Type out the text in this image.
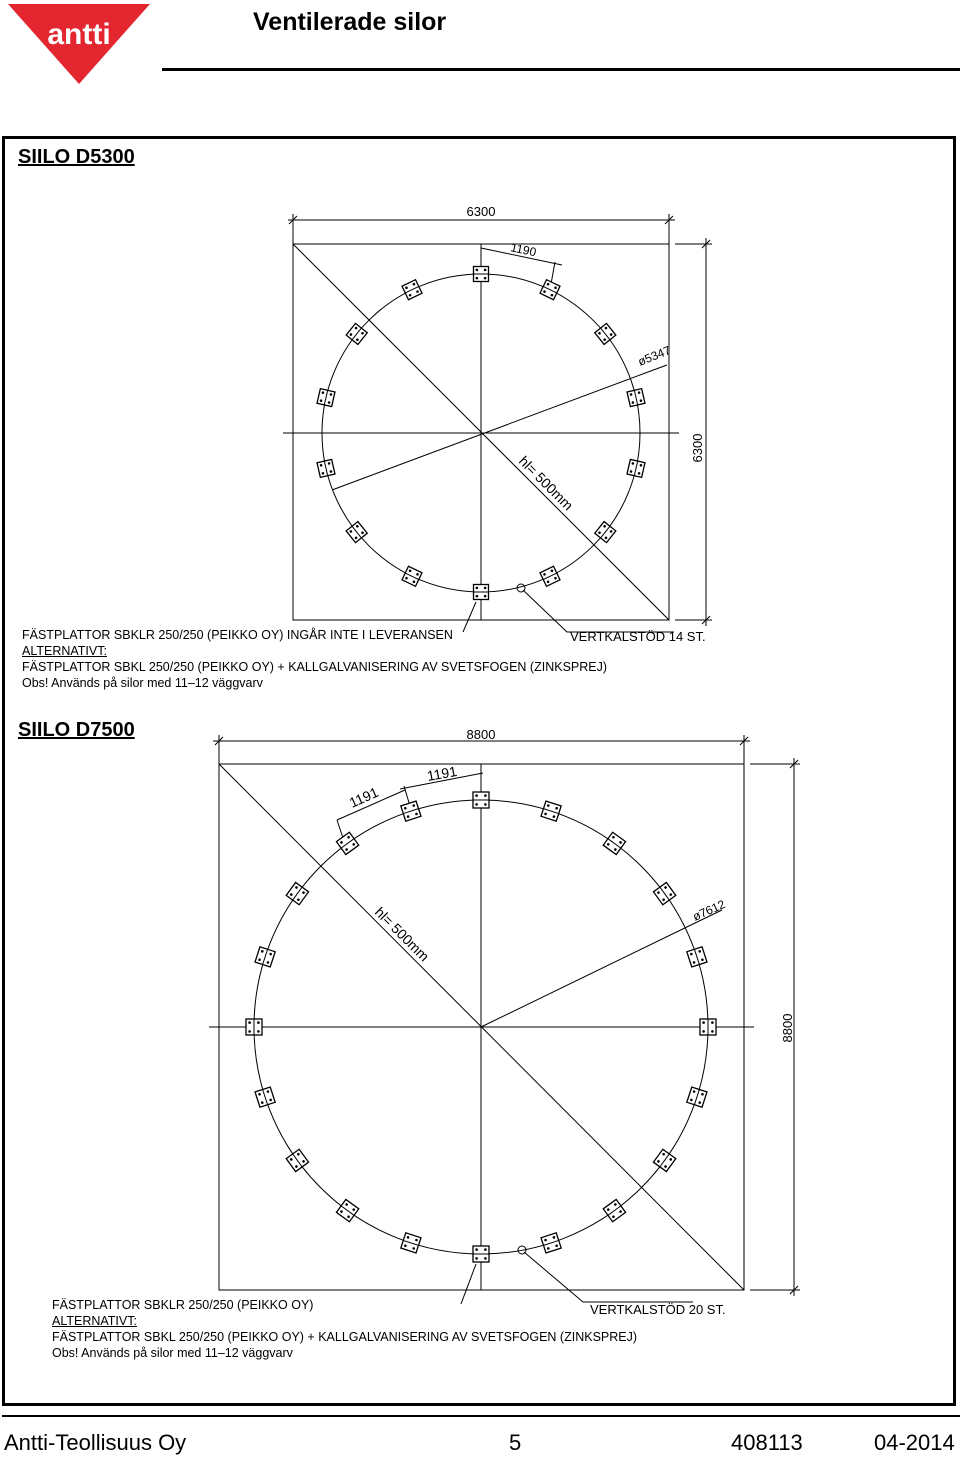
antti	Ventilerade silor
SIILO D5300
6300
6300
1190
ø5347
hl= 500mm
VERTKALSTÖD 14 ST.
FÄSTPLATTOR SBKLR 250/250 (PEIKKO OY) INGÅR INTE I LEVERANSEN
ALTERNATIVT:
FÄSTPLATTOR SBKL 250/250 (PEIKKO OY) + KALLGALVANISERING AV SVETSFOGEN (ZINKSPREJ)
Obs! Används på silor med 11–12 väggvarv
SIILO D7500	8800
8800
1191
1191
ø7612
hl= 500mm
VERTKALSTÖD 20 ST.
FÄSTPLATTOR SBKLR 250/250 (PEIKKO OY)
ALTERNATIVT:
FÄSTPLATTOR SBKL 250/250 (PEIKKO OY) + KALLGALVANISERING AV SVETSFOGEN (ZINKSPREJ)
Obs! Används på silor med 11–12 väggvarv
Antti-Teollisuus Oy	5	408113	04-2014
